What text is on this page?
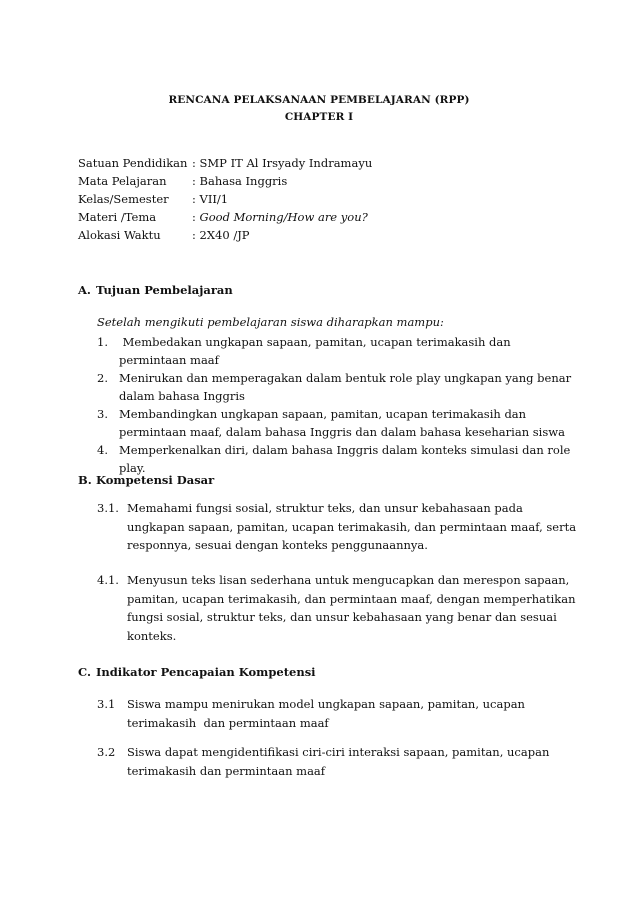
RENCANA PELAKSANAAN PEMBELAJARAN (RPP)
CHAPTER I
Satuan Pendidikan : SMP IT Al Irsyady Indramayu
Mata Pelajaran	: Bahasa Inggris
Kelas/Semester	: VII/1
Materi /Tema	: Good Morning/How are you?
Alokasi Waktu	: 2X40 /JP
A. Tujuan Pembelajaran
Setelah mengikuti pembelajaran siswa diharapkan mampu:
1. Membedakan ungkapan sapaan, pamitan, ucapan terimakasih dan permintaan maaf
2. Menirukan dan memperagakan dalam bentuk role play ungkapan yang benar dalam bahasa Inggris
3. Membandingkan ungkapan sapaan, pamitan, ucapan terimakasih dan permintaan maaf, dalam bahasa Inggris dan dalam bahasa keseharian siswa
4. Memperkenalkan diri, dalam bahasa Inggris dalam konteks simulasi dan role play.
B. Kompetensi Dasar
3.1. Memahami fungsi sosial, struktur teks, dan unsur kebahasaan pada ungkapan sapaan, pamitan, ucapan terimakasih, dan permintaan maaf, serta responnya, sesuai dengan konteks penggunaannya.
4.1. Menyusun teks lisan sederhana untuk mengucapkan dan merespon sapaan, pamitan, ucapan terimakasih, dan permintaan maaf, dengan memperhatikan fungsi sosial, struktur teks, dan unsur kebahasaan yang benar dan sesuai konteks.
C. Indikator Pencapaian Kompetensi
3.1	Siswa mampu menirukan model ungkapan sapaan, pamitan, ucapan terimakasih  dan permintaan maaf
3.2	Siswa dapat mengidentifikasi ciri-ciri interaksi sapaan, pamitan, ucapan terimakasih dan permintaan maaf
